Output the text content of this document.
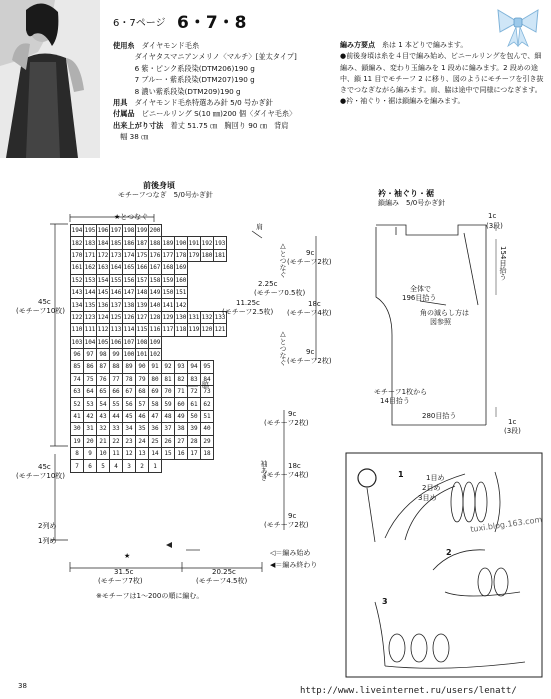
6・7ページ 6・7・8
使用糸　 ダイヤモンド毛糸
　　　ダイヤタスマニアンメリノ〈マルチ〉[並太タイプ]
　　　6 紫・ピンク系段染(DTM206)190 g
　　　7 ブルー・紫系段染(DTM207)190 g
　　　8 濃い紫系段染(DTM209)190 g
用具　 ダイヤモンド毛糸特選あみ針 5/0 号かぎ針
付属品　 ビニールリング S(10 ㎜)200 個〈ダイヤ毛糸〉
出来上がり寸法　 着丈 51.75 ㎝　胸回り 90 ㎝　背肩
　幅 38 ㎝

編み方要点　 糸は 1 本どりで編みます。

●前後身頃は糸を４目で編み始め、ビニールリングを包んで、細編み、鎖編み、変わり玉編みを 1 段めに編みます。2 段めの途中、鎖 11 目でモチーフ 2 に移り、図のようにモチーフを引き抜きでつなぎながら編みます。肩、脇は途中で同様につなぎます。

●衿・袖ぐり・裾は鎖編みを編みます。

前後身頃
モチーフつなぎ　5/0号かぎ針
194	195	196	197	198	199	200						
182	183	184	185	186	187	188	189	190	191	192	193	
170	171	172	173	174	175	176	177	178	179	180	181	
161	162	163	164	165	166	167	168	169				
152	153	154	155	156	157	158	159	160				
143	144	145	146	147	148	149	150	151				
134	135	136	137	138	139	140	141	142				
122	123	124	125	126	127	128	129	130	131	132	133	
110	111	112	113	114	115	116	117	118	119	120	121	
103	104	105	106	107	108	109						
96	97	98	99	100	101	102						
85	86	87	88	89	90	91	92	93	94	95		
74	75	76	77	78	79	80	81	82	83	84		
63	64	65	66	67	68	69	70	71	72	73		
52	53	54	55	56	57	58	59	60	61	62		
41	42	43	44	45	46	47	48	49	50	51		
30	31	32	33	34	35	36	37	38	39	40		
19	20	21	22	23	24	25	26	27	28	29		
8	9	10	11	12	13	14	15	16	17	18		
7	6	5	4	3	2	1						
★とつなぐ
肩
脇
★
45c
(モチーフ10枚)
45c
(モチーフ10枚)
2列め
1列め
9c
(モチーフ2枚)
2.25c
(モチーフ0.5枚)
18c
(モチーフ4枚)
9c
(モチーフ2枚)
9c
(モチーフ2枚)
18c
(モチーフ4枚)
9c
(モチーフ2枚)
11.25c
(モチーフ2.5枚)
△とつなぐ
△とつなぐ
袖あき
31.5c
(モチーフ7枚)
20.25c
(モチーフ4.5枚)
◁＝編み始め
◀＝編み終わり
※モチーフは1～200の順に編む。
衿・袖ぐり・裾
鎖編み　5/0号かぎ針
1c
(3段)
154目拾う
全体で
196目拾う
角の減らし方は
図参照
モチーフ1枚から
14目拾う
280目拾う
1c
(3段)
1	1目め
2目め
3目め
2
3
tuxi.blog.163.com
38	http://www.liveinternet.ru/users/lenatt/
